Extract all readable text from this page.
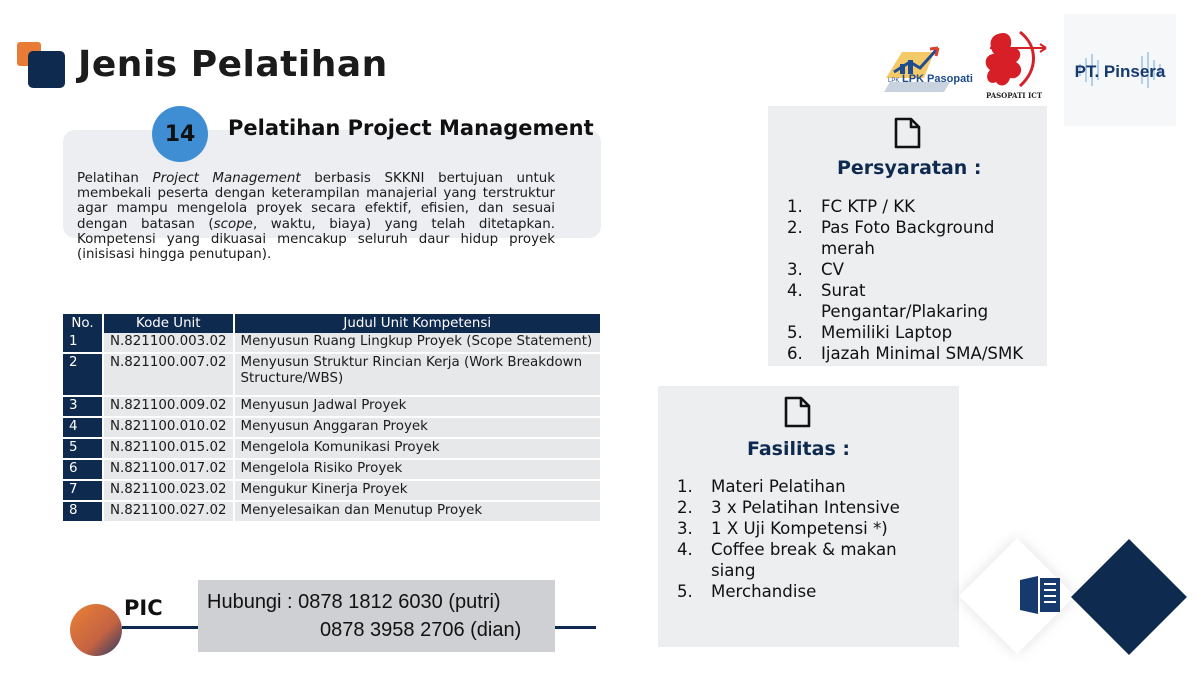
Jenis Pelatihan	LPK LPK Pasopati
PASOPATI ICT
PT. Pinsera
14	Pelatihan Project Management
Pelatihan Project Management berbasis SKKNI bertujuan untuk membekali peserta dengan keterampilan manajerial yang terstruktur agar mampu mengelola proyek secara efektif, efisien, dan sesuai dengan batasan (scope, waktu, biaya) yang telah ditetapkan. Kompetensi yang dikuasai mencakup seluruh daur hidup proyek (inisisasi hingga penutupan).
No.	Kode Unit	Judul Unit Kompetensi
1	N.821100.003.02	Menyusun Ruang Lingkup Proyek (Scope Statement)
2	N.821100.007.02	Menyusun Struktur Rincian Kerja (Work Breakdown Structure/WBS)
3	N.821100.009.02	Menyusun Jadwal Proyek
4	N.821100.010.02	Menyusun Anggaran Proyek
5	N.821100.015.02	Mengelola Komunikasi Proyek
6	N.821100.017.02	Mengelola Risiko Proyek
7	N.821100.023.02	Mengukur Kinerja Proyek
8	N.821100.027.02	Menyelesaikan dan Menutup Proyek
PIC Hubungi : 0878 1812 6030 (putri)
0878 3958 2706 (dian)
Persyaratan :
1. FC KTP / KK
2. Pas Foto Background merah
3. CV
4. Surat Pengantar/Plakaring
5. Memiliki Laptop
6. Ijazah Minimal SMA/SMK
Fasilitas :
1. Materi Pelatihan
2. 3 x Pelatihan Intensive
3. 1 X Uji Kompetensi *)
4. Coffee break & makan siang
5. Merchandise
